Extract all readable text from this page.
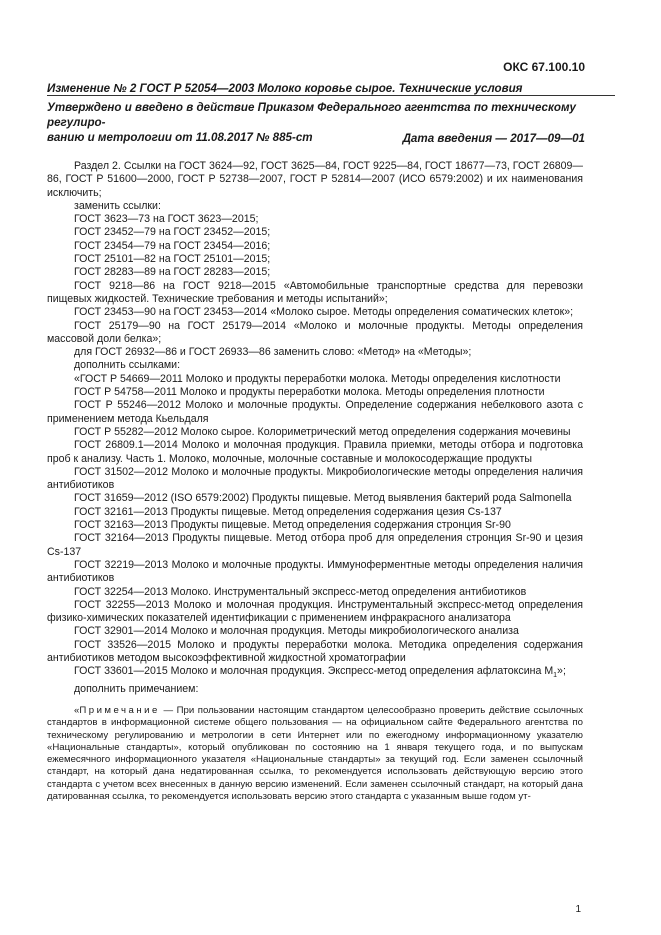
ОКС 67.100.10
Изменение № 2 ГОСТ Р 52054—2003 Молоко коровье сырое. Технические условия
Утверждено и введено в действие Приказом Федерального агентства по техническому регулиро-
ванию и метрологии от 11.08.2017 № 885-ст	Дата введения — 2017—09—01

Раздел 2. Ссылки на ГОСТ 3624—92, ГОСТ 3625—84, ГОСТ 9225—84, ГОСТ 18677—73, ГОСТ 26809—86, ГОСТ Р 51600—2000, ГОСТ Р 52738—2007, ГОСТ Р 52814—2007 (ИСО 6579:2002) и их наименования исключить;

заменить ссылки:

ГОСТ 3623—73 на ГОСТ 3623—2015;

ГОСТ 23452—79 на ГОСТ 23452—2015;

ГОСТ 23454—79 на ГОСТ 23454—2016;

ГОСТ 25101—82 на ГОСТ 25101—2015;

ГОСТ 28283—89 на ГОСТ 28283—2015;

ГОСТ 9218—86 на ГОСТ 9218—2015 «Автомобильные транспортные средства для перевозки пищевых жидкостей. Технические требования и методы испытаний»;

ГОСТ 23453—90 на ГОСТ 23453—2014 «Молоко сырое. Методы определения соматических клеток»;

ГОСТ 25179—90 на ГОСТ 25179—2014 «Молоко и молочные продукты. Методы определения массовой доли белка»;

для ГОСТ 26932—86 и ГОСТ 26933—86 заменить слово: «Метод» на «Методы»;

дополнить ссылками:

«ГОСТ Р 54669—2011 Молоко и продукты переработки молока. Методы определения кислотности

ГОСТ Р 54758—2011 Молоко и продукты переработки молока. Методы определения плотности

ГОСТ Р 55246—2012 Молоко и молочные продукты. Определение содержания небелкового азота с применением метода Кьельдаля

ГОСТ Р 55282—2012 Молоко сырое. Колориметрический метод определения содержания мочевины

ГОСТ 26809.1—2014 Молоко и молочная продукция. Правила приемки, методы отбора и подготовка проб к анализу. Часть 1. Молоко, молочные, молочные составные и молокосодержащие продукты

ГОСТ 31502—2012 Молоко и молочные продукты. Микробиологические методы определения наличия антибиотиков

ГОСТ 31659—2012 (ISO 6579:2002) Продукты пищевые. Метод выявления бактерий рода Salmonella

ГОСТ 32161—2013 Продукты пищевые. Метод определения содержания цезия Cs-137

ГОСТ 32163—2013 Продукты пищевые. Метод определения содержания стронция Sr-90

ГОСТ 32164—2013 Продукты пищевые. Метод отбора проб для определения стронция Sr-90 и цезия Cs-137

ГОСТ 32219—2013 Молоко и молочные продукты. Иммуноферментные методы определения наличия антибиотиков

ГОСТ 32254—2013 Молоко. Инструментальный экспресс-метод определения антибиотиков

ГОСТ 32255—2013 Молоко и молочная продукция. Инструментальный экспресс-метод определения физико-химических показателей идентификации с применением инфракрасного анализатора

ГОСТ 32901—2014 Молоко и молочная продукция. Методы микробиологического анализа

ГОСТ 33526—2015 Молоко и продукты переработки молока. Методика определения содержания антибиотиков методом высокоэффективной жидкостной хроматографии

ГОСТ 33601—2015 Молоко и молочная продукция. Экспресс-метод определения афлатоксина $M_1$»;

дополнить примечанием:

«Примечание — При пользовании настоящим стандартом целесообразно проверить действие ссылочных стандартов в информационной системе общего пользования — на официальном сайте Федерального агентства по техническому регулированию и метрологии в сети Интернет или по ежегодному информационному указателю «Национальные стандарты», который опубликован по состоянию на 1 января текущего года, и по выпускам ежемесячного информационного указателя «Национальные стандарты» за текущий год. Если заменен ссылочный стандарт, на который дана недатированная ссылка, то рекомендуется использовать действующую версию этого стандарта с учетом всех внесенных в данную версию изменений. Если заменен ссылочный стандарт, на который дана датированная ссылка, то рекомендуется использовать версию этого стандарта с указанным выше годом ут-

1
